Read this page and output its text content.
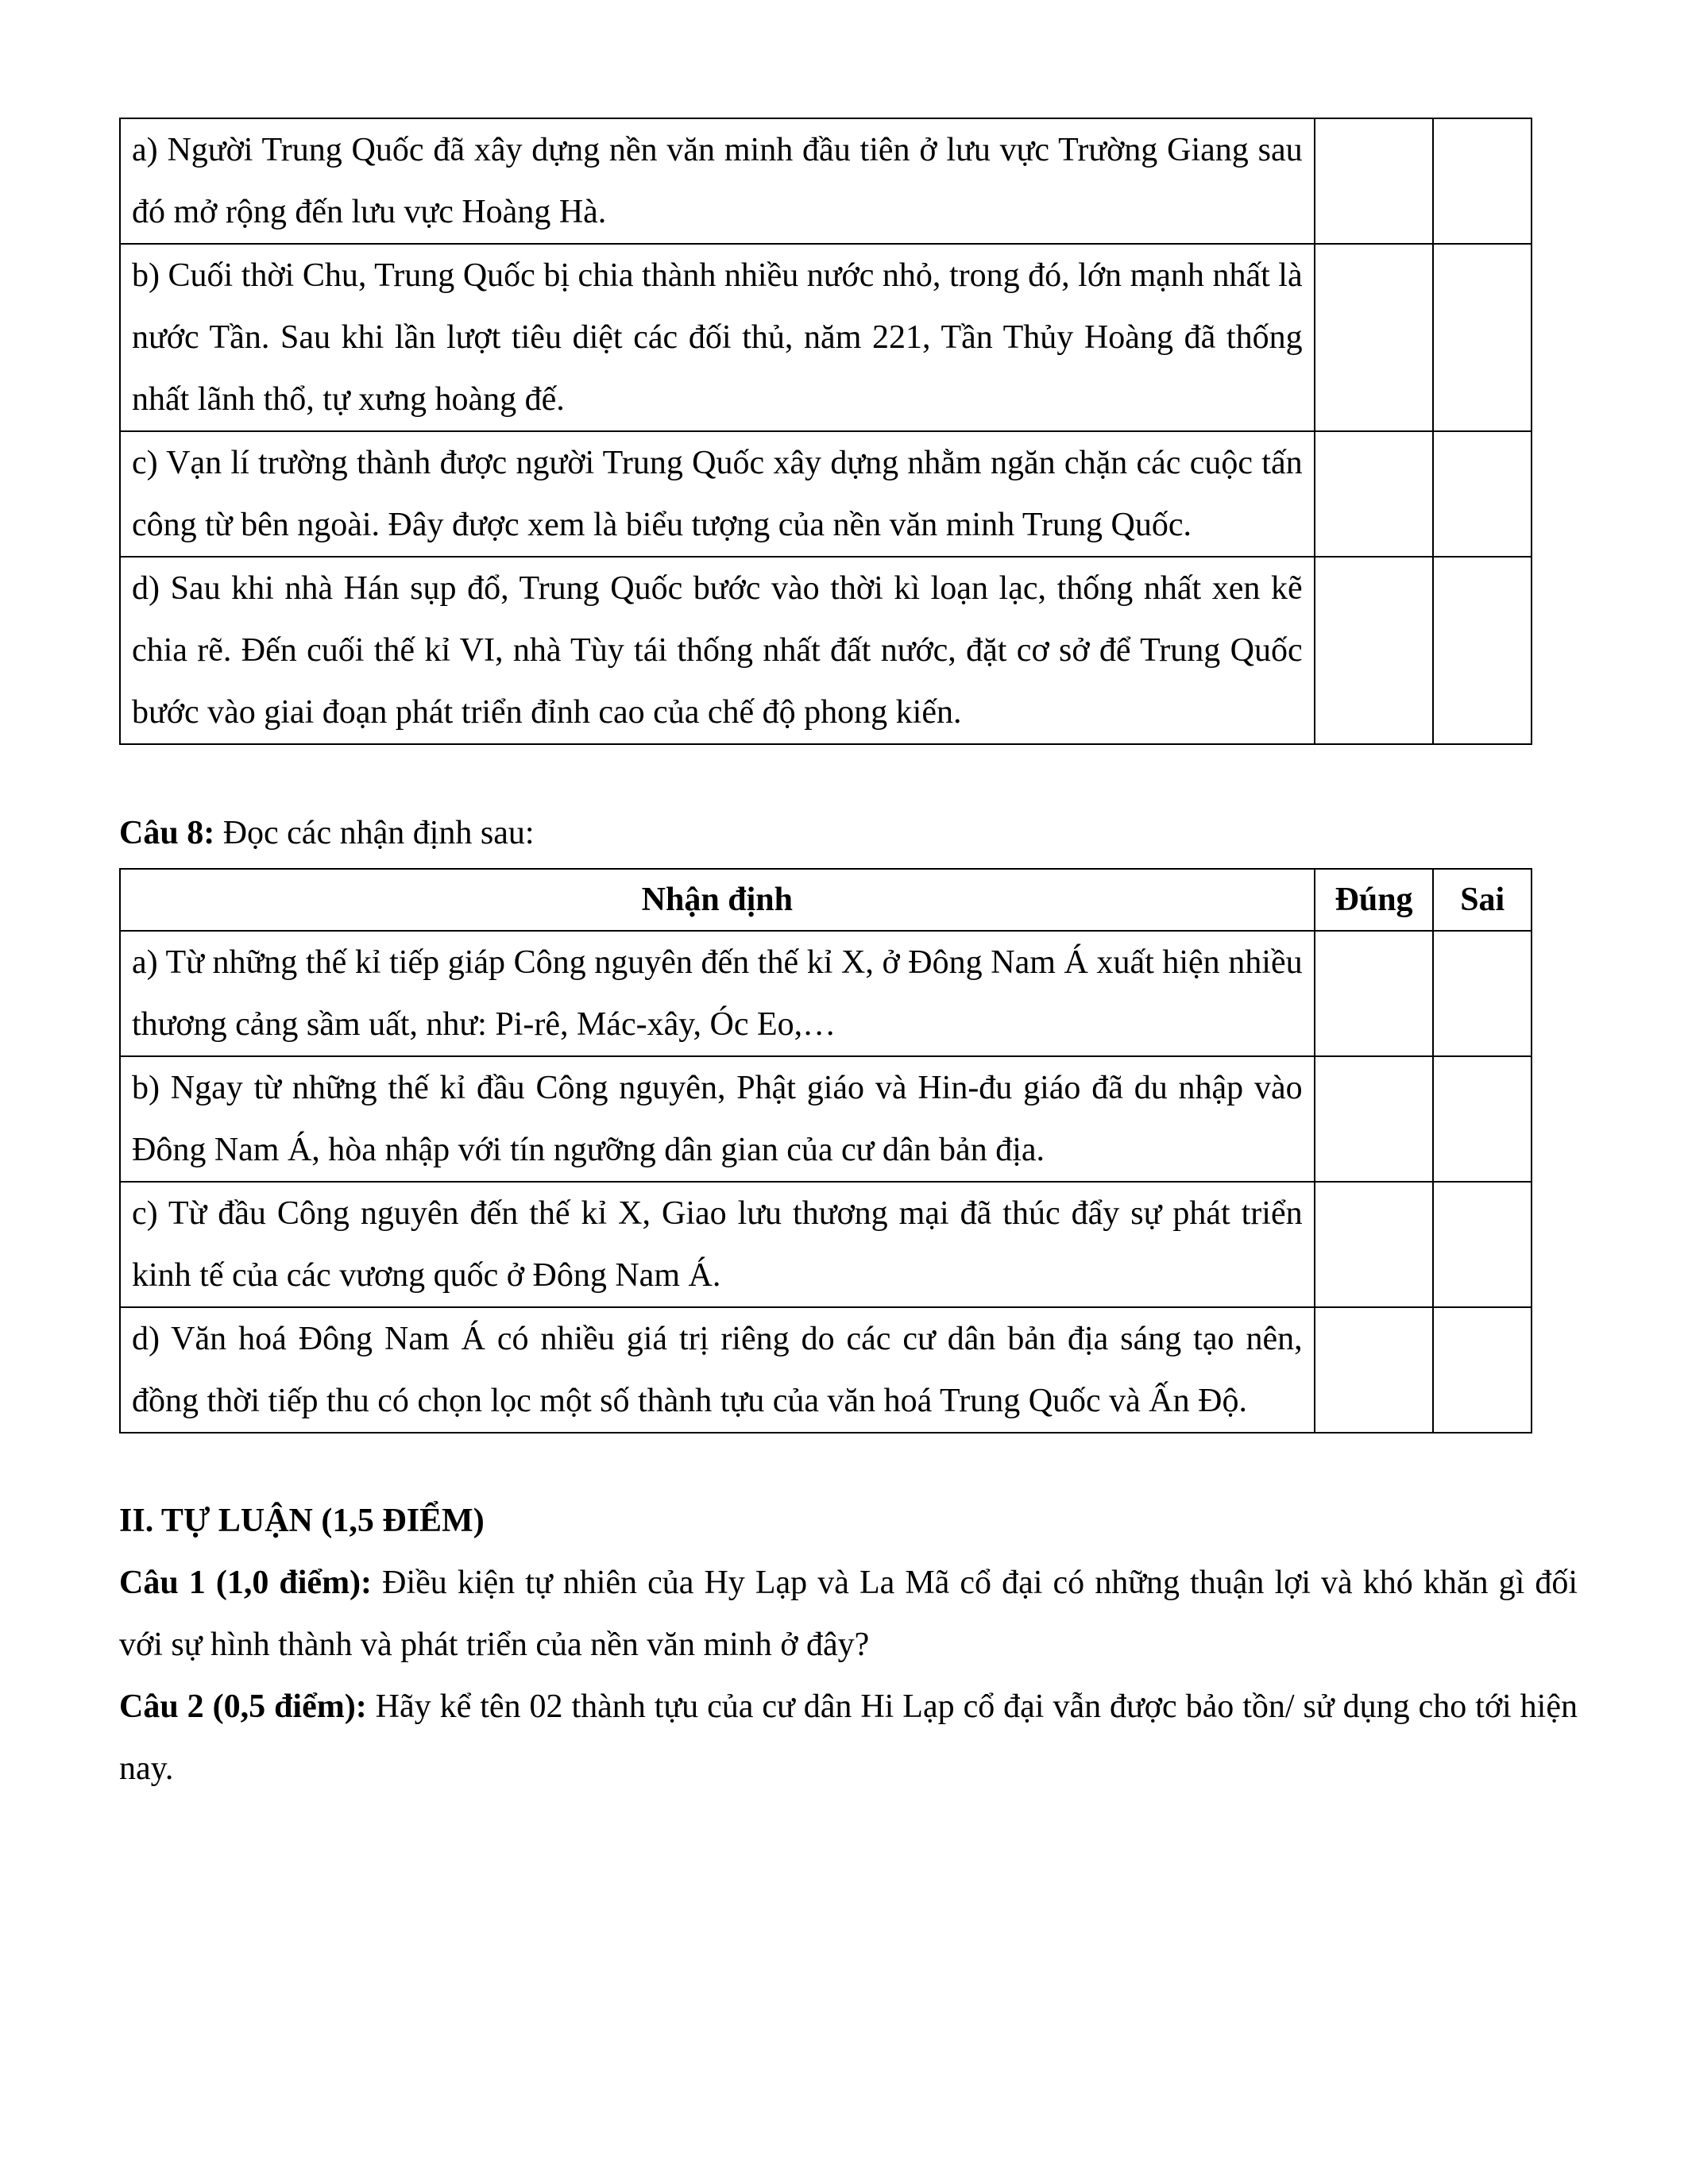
a) Người Trung Quốc đã xây dựng nền văn minh đầu tiên ở lưu vực Trường Giang sau đó mở rộng đến lưu vực Hoàng Hà.		
b) Cuối thời Chu, Trung Quốc bị chia thành nhiều nước nhỏ, trong đó, lớn mạnh nhất là nước Tần. Sau khi lần lượt tiêu diệt các đối thủ, năm 221, Tần Thủy Hoàng đã thống nhất lãnh thổ, tự xưng hoàng đế.		
c) Vạn lí trường thành được người Trung Quốc xây dựng nhằm ngăn chặn các cuộc tấn công từ bên ngoài. Đây được xem là biểu tượng của nền văn minh Trung Quốc.		
d) Sau khi nhà Hán sụp đổ, Trung Quốc bước vào thời kì loạn lạc, thống nhất xen kẽ chia rẽ. Đến cuối thế kỉ VI, nhà Tùy tái thống nhất đất nước, đặt cơ sở để Trung Quốc bước vào giai đoạn phát triển đỉnh cao của chế độ phong kiến.		
Câu 8: Đọc các nhận định sau:
Nhận định	Đúng	Sai
a) Từ những thế kỉ tiếp giáp Công nguyên đến thế kỉ X, ở Đông Nam Á xuất hiện nhiều thương cảng sầm uất, như: Pi-rê, Mác-xây, Óc Eo,…		
b) Ngay từ những thế kỉ đầu Công nguyên, Phật giáo và Hin-đu giáo đã du nhập vào Đông Nam Á, hòa nhập với tín ngưỡng dân gian của cư dân bản địa.		
c) Từ đầu Công nguyên đến thế kỉ X, Giao lưu thương mại đã thúc đẩy sự phát triển kinh tế của các vương quốc ở Đông Nam Á.		
d) Văn hoá Đông Nam Á có nhiều giá trị riêng do các cư dân bản địa sáng tạo nên, đồng thời tiếp thu có chọn lọc một số thành tựu của văn hoá Trung Quốc và Ấn Độ.		
II. TỰ LUẬN (1,5 ĐIỂM)
Câu 1 (1,0 điểm): Điều kiện tự nhiên của Hy Lạp và La Mã cổ đại có những thuận lợi và khó khăn gì đối với sự hình thành và phát triển của nền văn minh ở đây?
Câu 2 (0,5 điểm): Hãy kể tên 02 thành tựu của cư dân Hi Lạp cổ đại vẫn được bảo tồn/ sử dụng cho tới hiện nay.
